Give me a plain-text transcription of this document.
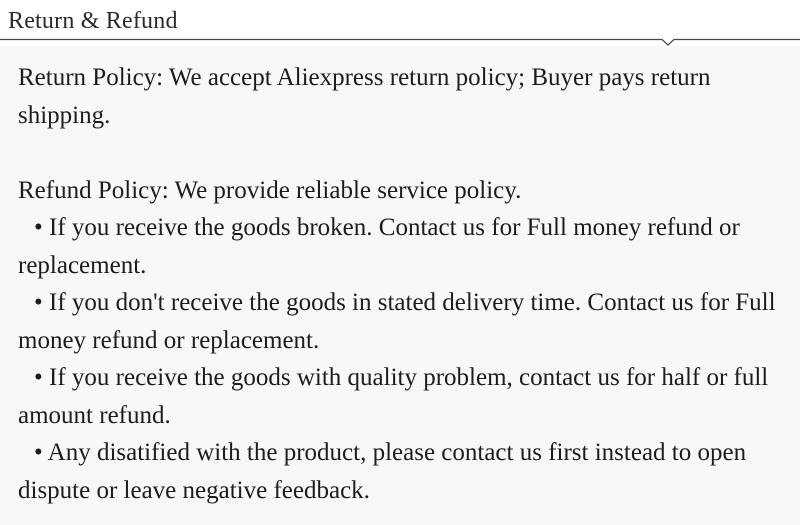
Return & Refund

Return Policy: We accept Aliexpress return policy; Buyer pays return shipping.

Refund Policy: We provide reliable service policy.

• If you receive the goods broken. Contact us for Full money refund or replacement.

• If you don't receive the goods in stated delivery time. Contact us for Full money refund or replacement.

• If you receive the goods with quality problem, contact us for half or full amount refund.

• Any disatified with the product, please contact us first instead to open dispute or leave negative feedback.
